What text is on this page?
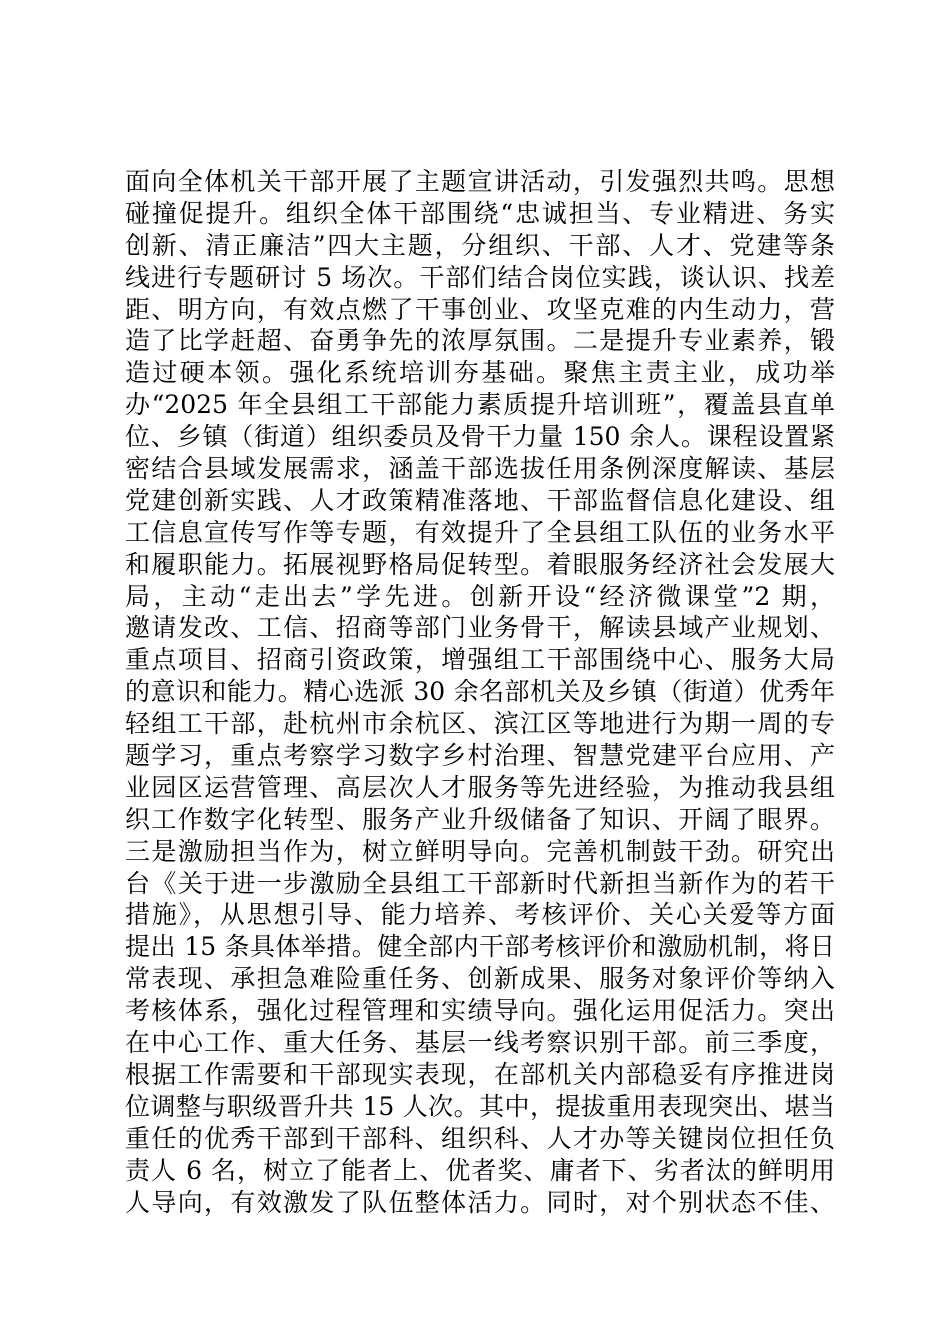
面向全体机关干部开展了主题宣讲活动，引发强烈共鸣。思想
碰撞促提升。组织全体干部围绕“忠诚担当、专业精进、务实
创新、清正廉洁”四大主题，分组织、干部、人才、党建等条
线进行专题研讨 5 场次。干部们结合岗位实践，谈认识、找差
距、明方向，有效点燃了干事创业、攻坚克难的内生动力，营
造了比学赶超、奋勇争先的浓厚氛围。二是提升专业素养，锻
造过硬本领。强化系统培训夯基础。聚焦主责主业，成功举
办“2025 年全县组工干部能力素质提升培训班”，覆盖县直单
位、乡镇（街道）组织委员及骨干力量 150 余人。课程设置紧
密结合县域发展需求，涵盖干部选拔任用条例深度解读、基层
党建创新实践、人才政策精准落地、干部监督信息化建设、组
工信息宣传写作等专题，有效提升了全县组工队伍的业务水平
和履职能力。拓展视野格局促转型。着眼服务经济社会发展大
局，主动“走出去”学先进。创新开设“经济微课堂”2 期，
邀请发改、工信、招商等部门业务骨干，解读县域产业规划、
重点项目、招商引资政策，增强组工干部围绕中心、服务大局
的意识和能力。精心选派 30 余名部机关及乡镇（街道）优秀年
轻组工干部，赴杭州市余杭区、滨江区等地进行为期一周的专
题学习，重点考察学习数字乡村治理、智慧党建平台应用、产
业园区运营管理、高层次人才服务等先进经验，为推动我县组
织工作数字化转型、服务产业升级储备了知识、开阔了眼界。
三是激励担当作为，树立鲜明导向。完善机制鼓干劲。研究出
台《关于进一步激励全县组工干部新时代新担当新作为的若干
措施》，从思想引导、能力培养、考核评价、关心关爱等方面
提出 15 条具体举措。健全部内干部考核评价和激励机制，将日
常表现、承担急难险重任务、创新成果、服务对象评价等纳入
考核体系，强化过程管理和实绩导向。强化运用促活力。突出
在中心工作、重大任务、基层一线考察识别干部。前三季度，
根据工作需要和干部现实表现，在部机关内部稳妥有序推进岗
位调整与职级晋升共 15 人次。其中，提拔重用表现突出、堪当
重任的优秀干部到干部科、组织科、人才办等关键岗位担任负
责人 6 名，树立了能者上、优者奖、庸者下、劣者汰的鲜明用
人导向，有效激发了队伍整体活力。同时，对个别状态不佳、
